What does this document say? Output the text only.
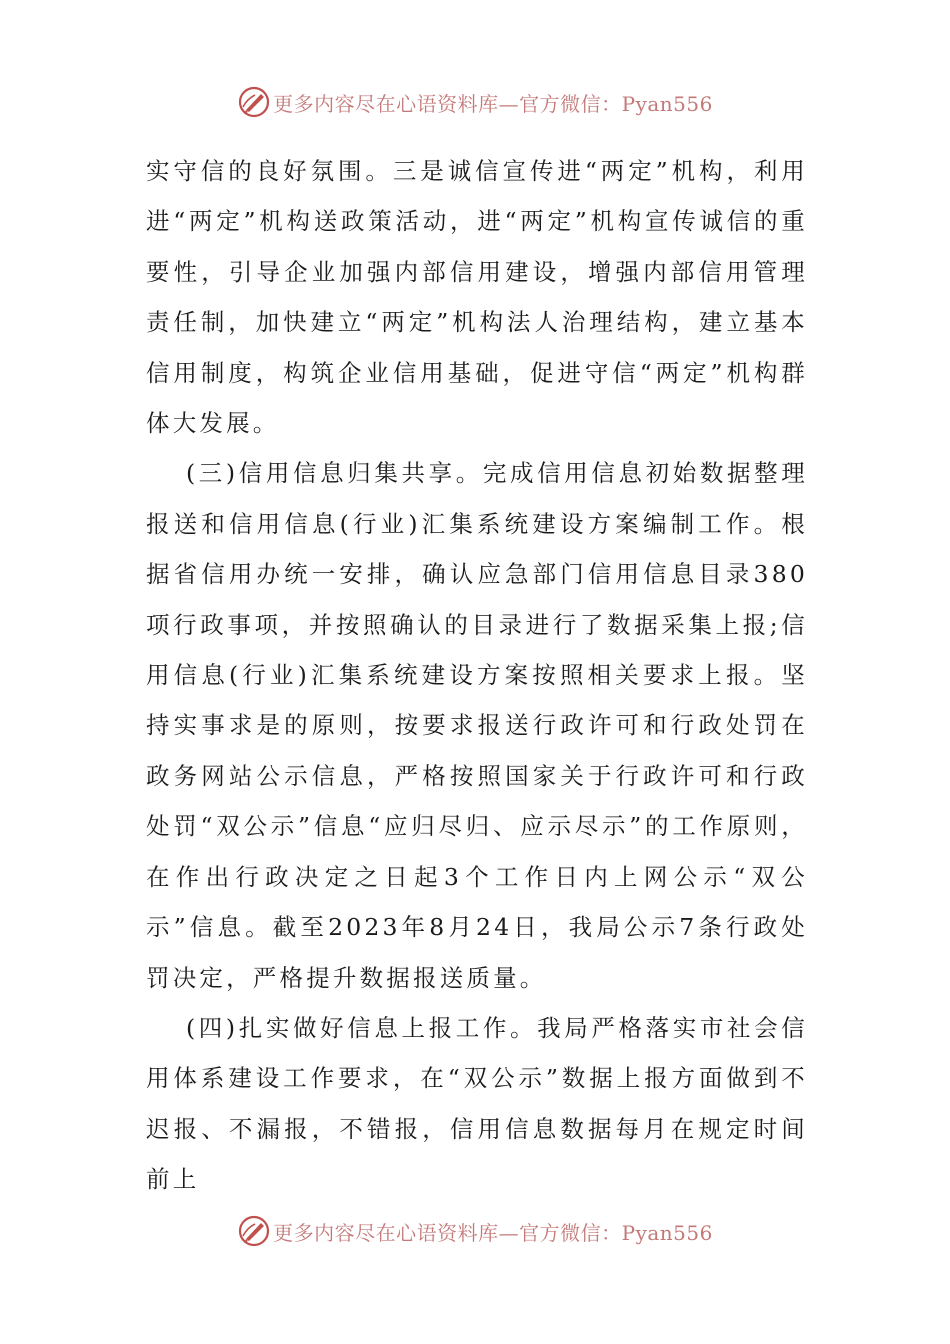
更多内容尽在心语资料库—官方微信：Pyan556

实守信的良好氛围。三是诚信宣传进“两定”机构，利用进“两定”机构送政策活动，进“两定”机构宣传诚信的重要性，引导企业加强内部信用建设，增强内部信用管理责任制，加快建立“两定”机构法人治理结构，建立基本信用制度，构筑企业信用基础，促进守信“两定”机构群体大发展。

(三)信用信息归集共享。完成信用信息初始数据整理报送和信用信息(行业)汇集系统建设方案编制工作。根据省信用办统一安排，确认应急部门信用信息目录380项行政事项，并按照确认的目录进行了数据采集上报;信用信息(行业)汇集系统建设方案按照相关要求上报。坚持实事求是的原则，按要求报送行政许可和行政处罚在政务网站公示信息，严格按照国家关于行政许可和行政处罚“双公示”信息“应归尽归、应示尽示”的工作原则，在作出行政决定之日起3个工作日内上网公示“双公示”信息。截至2023年8月24日，我局公示7条行政处罚决定，严格提升数据报送质量。

(四)扎实做好信息上报工作。我局严格落实市社会信用体系建设工作要求，在“双公示”数据上报方面做到不迟报、不漏报，不错报，信用信息数据每月在规定时间前上

更多内容尽在心语资料库—官方微信：Pyan556
